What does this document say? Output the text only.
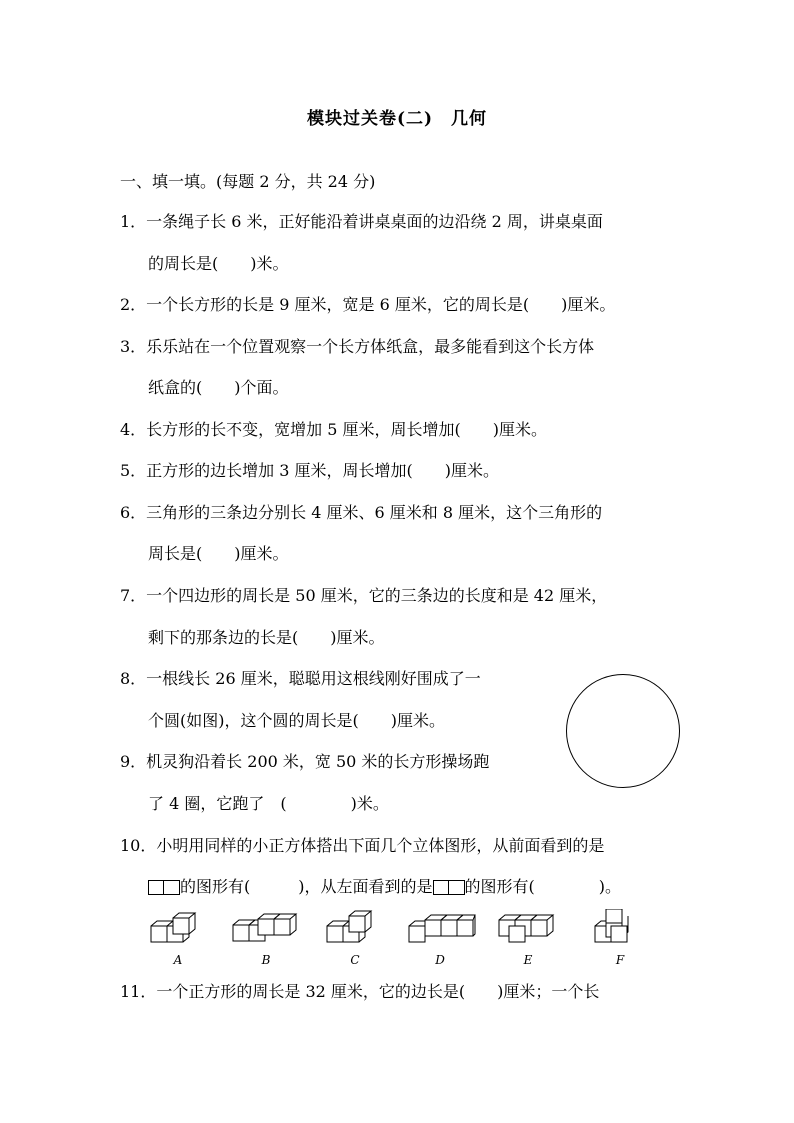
模块过关卷(二)　几何
一、填一填。(每题 2 分，共 24 分)
1．一条绳子长 6 米，正好能沿着讲桌桌面的边沿绕 2 周，讲桌桌面
的周长是(　　)米。
2．一个长方形的长是 9 厘米，宽是 6 厘米，它的周长是(　　)厘米。
3．乐乐站在一个位置观察一个长方体纸盒，最多能看到这个长方体
纸盒的(　　)个面。
4．长方形的长不变，宽增加 5 厘米，周长增加(　　)厘米。
5．正方形的边长增加 3 厘米，周长增加(　　)厘米。
6．三角形的三条边分别长 4 厘米、6 厘米和 8 厘米，这个三角形的
周长是(　　)厘米。
7．一个四边形的周长是 50 厘米，它的三条边的长度和是 42 厘米，
剩下的那条边的长是(　　)厘米。
8．一根线长 26 厘米，聪聪用这根线刚好围成了一
个圆(如图)，这个圆的周长是(　　)厘米。
9．机灵狗沿着长 200 米，宽 50 米的长方形操场跑
了 4 圈，它跑了　(　　　　)米。
10．小明用同样的小正方体搭出下面几个立体图形，从前面看到的是
的图形有(　　　)，从左面看到的是 的图形有(　　　　)。
A	B	C	D	E	F
11．一个正方形的周长是 32 厘米，它的边长是(　　)厘米；一个长
